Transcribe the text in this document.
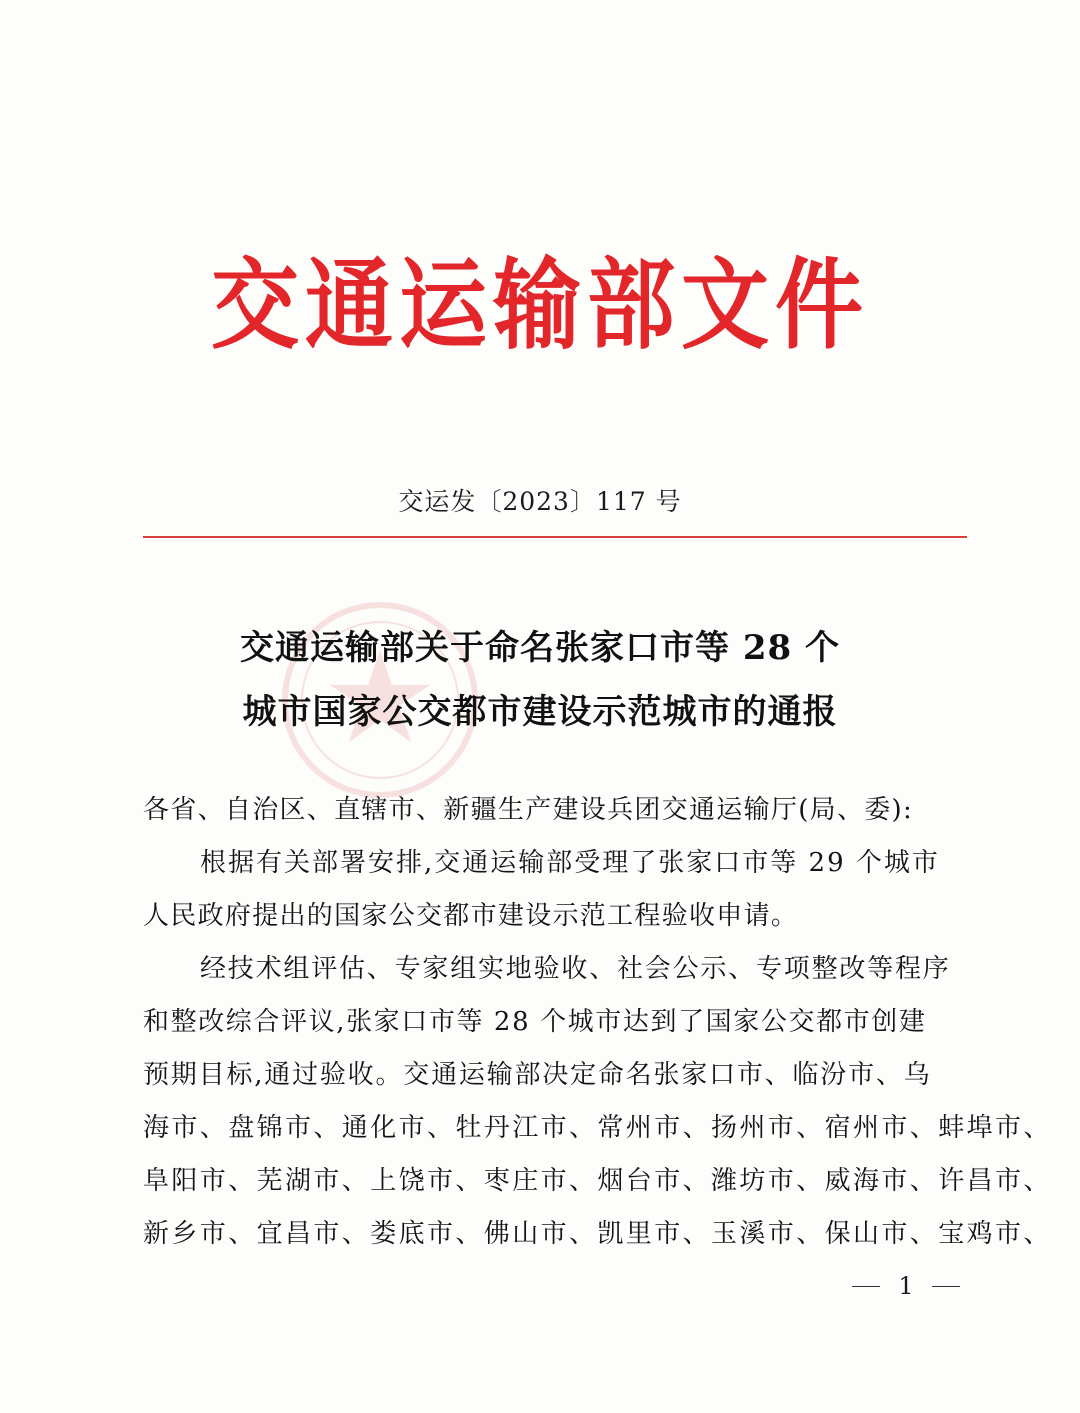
交通运输部文件
交运发〔2023〕117 号
交通运输部关于命名张家口市等 28 个
城市国家公交都市建设示范城市的通报
各省、自治区、直辖市、新疆生产建设兵团交通运输厅(局、委):
根据有关部署安排,交通运输部受理了张家口市等 29 个城市
人民政府提出的国家公交都市建设示范工程验收申请。
经技术组评估、专家组实地验收、社会公示、专项整改等程序
和整改综合评议,张家口市等 28 个城市达到了国家公交都市创建
预期目标,通过验收。交通运输部决定命名张家口市、临汾市、乌
海市、盘锦市、通化市、牡丹江市、常州市、扬州市、宿州市、蚌埠市、
阜阳市、芜湖市、上饶市、枣庄市、烟台市、潍坊市、威海市、许昌市、
新乡市、宜昌市、娄底市、佛山市、凯里市、玉溪市、保山市、宝鸡市、
1
